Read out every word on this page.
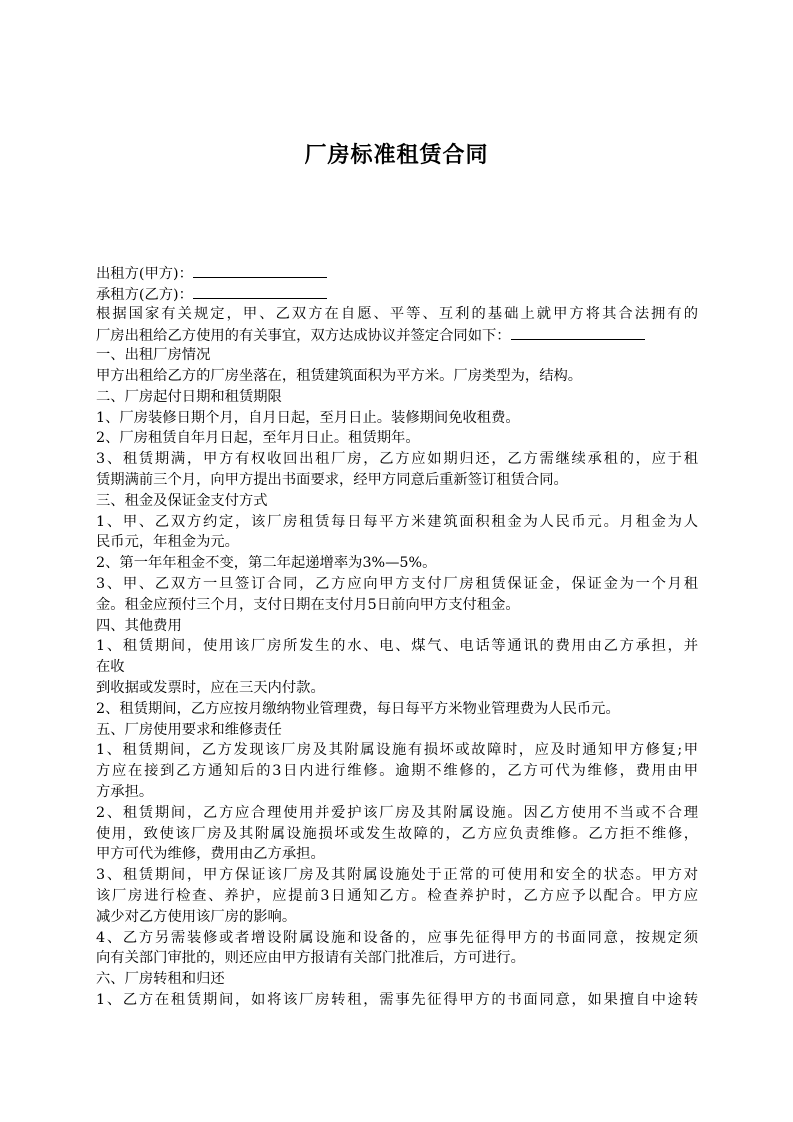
厂房标准租赁合同
出租方(甲方)：
承租方(乙方)：
根据国家有关规定，甲、乙双方在自愿、平等、互利的基础上就甲方将其合法拥有的
厂房出租给乙方使用的有关事宜，双方达成协议并签定合同如下：
一、出租厂房情况
甲方出租给乙方的厂房坐落在，租赁建筑面积为平方米。厂房类型为，结构。
二、厂房起付日期和租赁期限
1、厂房装修日期个月，自月日起，至月日止。装修期间免收租费。
2、厂房租赁自年月日起，至年月日止。租赁期年。
3、租赁期满，甲方有权收回出租厂房，乙方应如期归还，乙方需继续承租的，应于租
赁期满前三个月，向甲方提出书面要求，经甲方同意后重新签订租赁合同。
三、租金及保证金支付方式
1、甲、乙双方约定，该厂房租赁每日每平方米建筑面积租金为人民币元。月租金为人
民币元，年租金为元。
2、第一年年租金不变，第二年起递增率为3%—5%。
3、甲、乙双方一旦签订合同，乙方应向甲方支付厂房租赁保证金，保证金为一个月租
金。租金应预付三个月，支付日期在支付月5日前向甲方支付租金。
四、其他费用
1、租赁期间，使用该厂房所发生的水、电、煤气、电话等通讯的费用由乙方承担，并
在收
到收据或发票时，应在三天内付款。
2、租赁期间，乙方应按月缴纳物业管理费，每日每平方米物业管理费为人民币元。
五、厂房使用要求和维修责任
1、租赁期间，乙方发现该厂房及其附属设施有损坏或故障时，应及时通知甲方修复;甲
方应在接到乙方通知后的3日内进行维修。逾期不维修的，乙方可代为维修，费用由甲
方承担。
2、租赁期间，乙方应合理使用并爱护该厂房及其附属设施。因乙方使用不当或不合理
使用，致使该厂房及其附属设施损坏或发生故障的，乙方应负责维修。乙方拒不维修，
甲方可代为维修，费用由乙方承担。
3、租赁期间，甲方保证该厂房及其附属设施处于正常的可使用和安全的状态。甲方对
该厂房进行检查、养护，应提前3日通知乙方。检查养护时，乙方应予以配合。甲方应
减少对乙方使用该厂房的影响。
4、乙方另需装修或者增设附属设施和设备的，应事先征得甲方的书面同意，按规定须
向有关部门审批的，则还应由甲方报请有关部门批准后，方可进行。
六、厂房转租和归还
1、乙方在租赁期间，如将该厂房转租，需事先征得甲方的书面同意，如果擅自中途转
